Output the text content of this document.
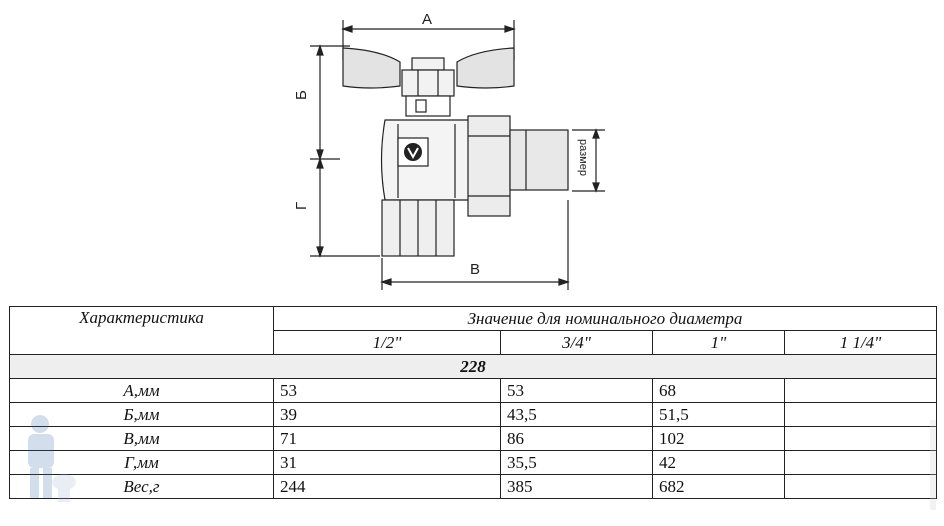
А
Б
Г
В
размер
Характеристика	Значение для номинального диаметра			
	1/2"	3/4"	1"	1 1/4"
228				
А,мм	53	53	68	
Б,мм	39	43,5	51,5	
В,мм	71	86	102	
Г,мм	31	35,5	42	
Вес,г	244	385	682	
